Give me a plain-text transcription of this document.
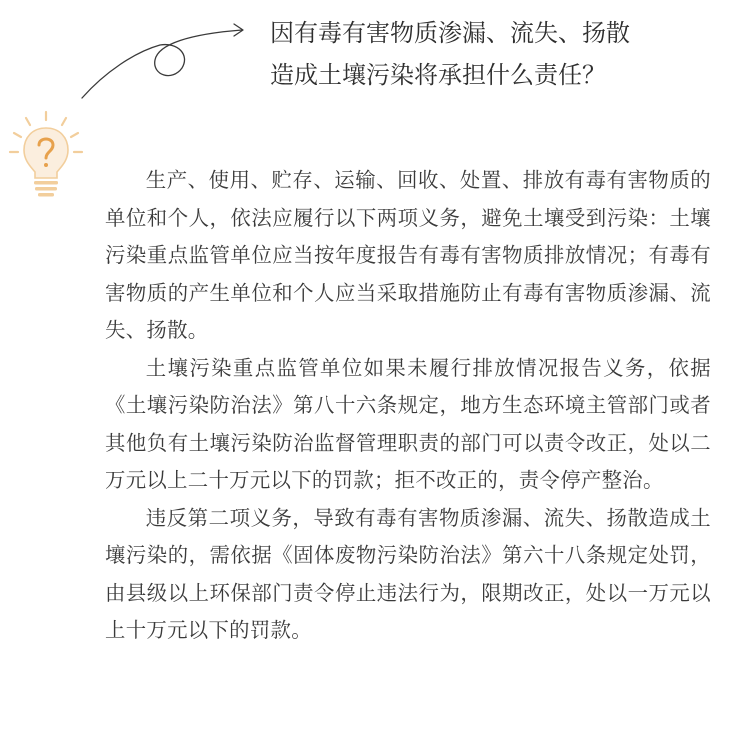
因有毒有害物质渗漏、流失、扬散
造成土壤污染将承担什么责任？

生产、使用、贮存、运输、回收、处置、排放有毒有害物质的单位和个人，依法应履行以下两项义务，避免土壤受到污染：土壤污染重点监管单位应当按年度报告有毒有害物质排放情况；有毒有害物质的产生单位和个人应当采取措施防止有毒有害物质渗漏、流失、扬散。

土壤污染重点监管单位如果未履行排放情况报告义务，依据《土壤污染防治法》第八十六条规定，地方生态环境主管部门或者其他负有土壤污染防治监督管理职责的部门可以责令改正，处以二万元以上二十万元以下的罚款；拒不改正的，责令停产整治。

违反第二项义务，导致有毒有害物质渗漏、流失、扬散造成土壤污染的，需依据《固体废物污染防治法》第六十八条规定处罚，由县级以上环保部门责令停止违法行为，限期改正，处以一万元以上十万元以下的罚款。
